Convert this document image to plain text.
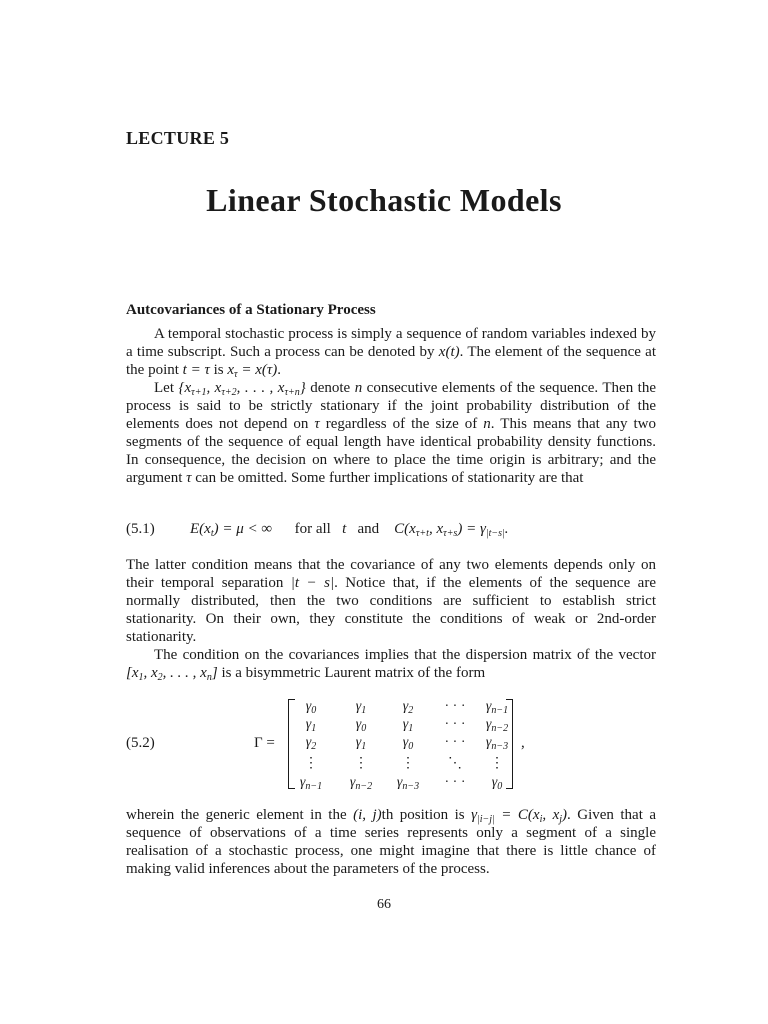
LECTURE 5
Linear Stochastic Models
Autcovariances of a Stationary Process

A temporal stochastic process is simply a sequence of random variables indexed by a time subscript. Such a process can be denoted by x(t). The element of the sequence at the point t = τ is $x_\tau = x(\tau)$.

Let {$x_{\tau+1}$, $x_{\tau+2}$, . . . , $x_{\tau+n}$} denote n consecutive elements of the sequence. Then the process is said to be strictly stationary if the joint probability distribution of the elements does not depend on τ regardless of the size of n. This means that any two segments of the sequence of equal length have identical probability density functions. In consequence, the decision on where to place the time origin is arbitrary; and the argument τ can be omitted. Some further implications of stationarity are that

(5.1) $E(x_t) = \mu$ < ∞ for all t and $C(x_{\tau+t}$, $x_{\tau+s}) = \gamma_{|t-s|}$.

The latter condition means that the covariance of any two elements depends only on their temporal separation |t − s|. Notice that, if the elements of the sequence are normally distributed, then the two conditions are sufficient to establish strict stationarity. On their own, they constitute the conditions of weak or 2nd-order stationarity.

The condition on the covariances implies that the dispersion matrix of the vector [$x_1$, $x_2$, . . . , $x_n$] is a bisymmetric Laurent matrix of the form

(5.2)	Γ =
$\gamma_0$	$\gamma_1$	$\gamma_2$	· · ·	$\gamma_{n-1}$
$\gamma_1$	$\gamma_0$	$\gamma_1$	· · ·	$\gamma_{n-2}$
$\gamma_2$	$\gamma_1$	$\gamma_0$	· · ·	$\gamma_{n-3}$
⋮	⋮	⋮	⋱	⋮
$\gamma_{n-1}$	$\gamma_{n-2}$	$\gamma_{n-3}$	· · ·	$\gamma_0$
,

wherein the generic element in the (i, j)th position is $\gamma_{|i-j|} = C(x_i$, $x_j$). Given that a sequence of observations of a time series represents only a segment of a single realisation of a stochastic process, one might imagine that there is little chance of making valid inferences about the parameters of the process.

66
